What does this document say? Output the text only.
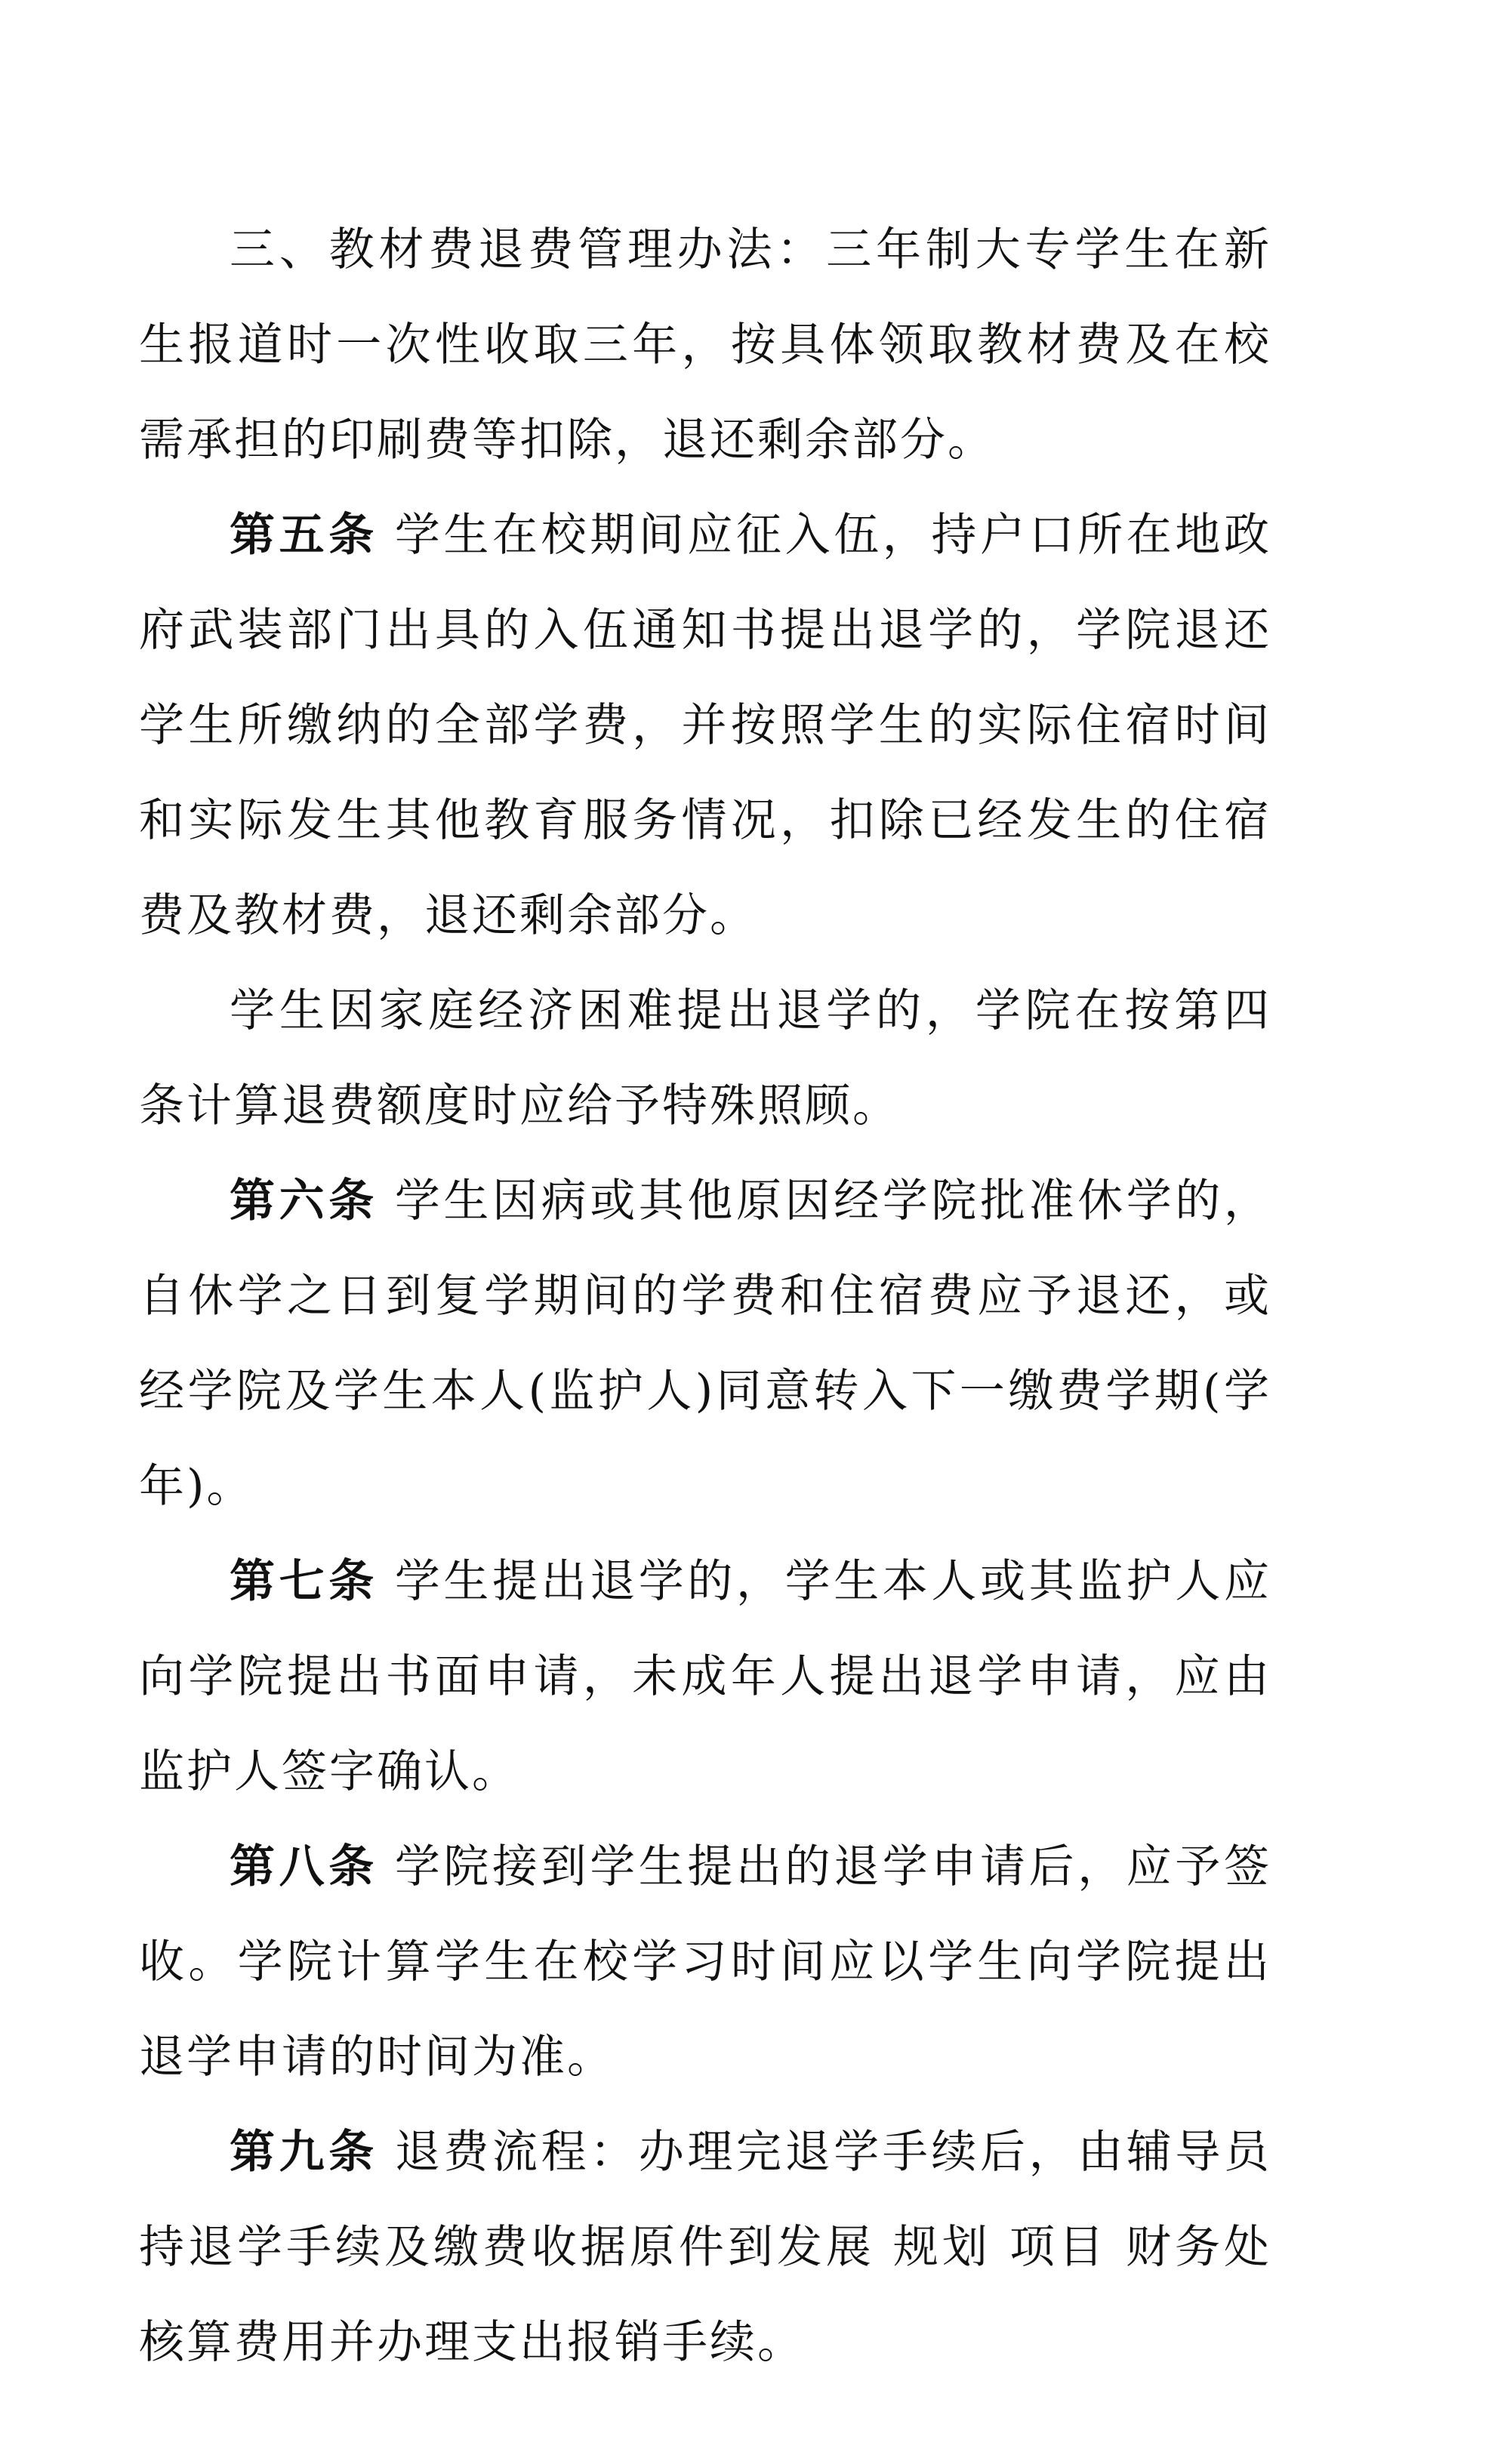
三、教材费退费管理办法：三年制大专学生在新生报道时一次性收取三年，按具体领取教材费及在校需承担的印刷费等扣除，退还剩余部分。

第五条 学生在校期间应征入伍，持户口所在地政府武装部门出具的入伍通知书提出退学的，学院退还学生所缴纳的全部学费，并按照学生的实际住宿时间和实际发生其他教育服务情况，扣除已经发生的住宿费及教材费，退还剩余部分。

学生因家庭经济困难提出退学的，学院在按第四条计算退费额度时应给予特殊照顾。

第六条 学生因病或其他原因经学院批准休学的，自休学之日到复学期间的学费和住宿费应予退还，或经学院及学生本人(监护人)同意转入下一缴费学期(学年)。

第七条 学生提出退学的，学生本人或其监护人应向学院提出书面申请，未成年人提出退学申请，应由监护人签字确认。

第八条 学院接到学生提出的退学申请后，应予签收。学院计算学生在校学习时间应以学生向学院提出退学申请的时间为准。

第九条 退费流程：办理完退学手续后，由辅导员持退学手续及缴费收据原件到发展 规划 项目 财务处核算费用并办理支出报销手续。
